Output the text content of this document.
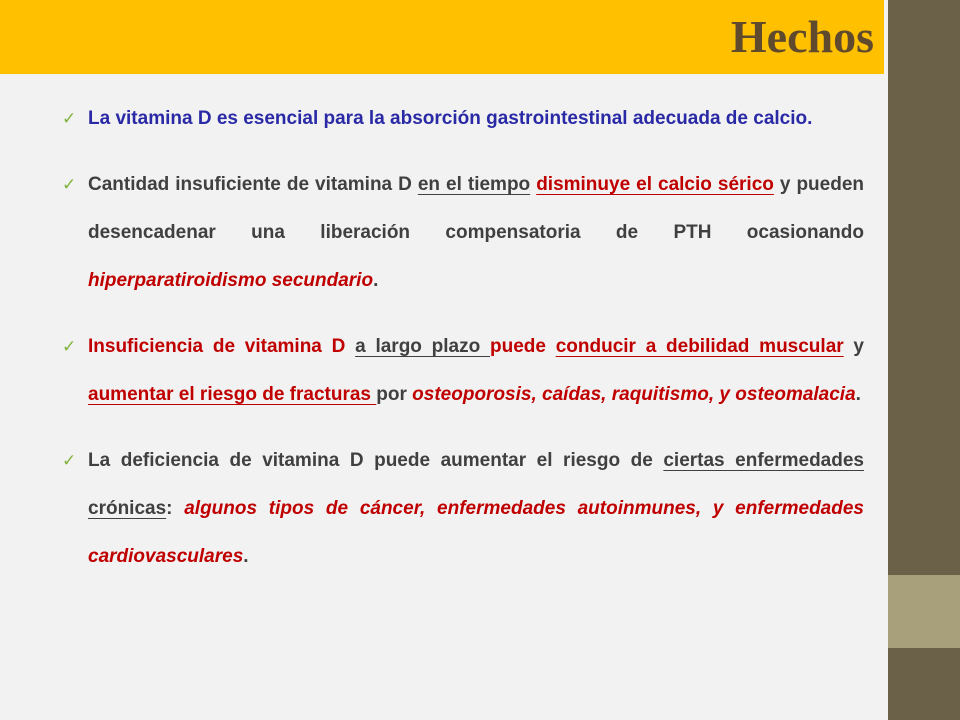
Hechos
✓ La vitamina D es esencial para la absorción gastrointestinal adecuada de calcio.
✓ Cantidad insuficiente de vitamina D en el tiempo disminuye el calcio sérico y pueden desencadenar una liberación compensatoria de PTH ocasionando hiperparatiroidismo secundario.
✓ Insuficiencia de vitamina D a largo plazo puede conducir a debilidad muscular y aumentar el riesgo de fracturas por osteoporosis, caídas, raquitismo, y osteomalacia.
✓ La deficiencia de vitamina D puede aumentar el riesgo de ciertas enfermedades crónicas: algunos tipos de cáncer, enfermedades autoinmunes, y enfermedades cardiovasculares.
